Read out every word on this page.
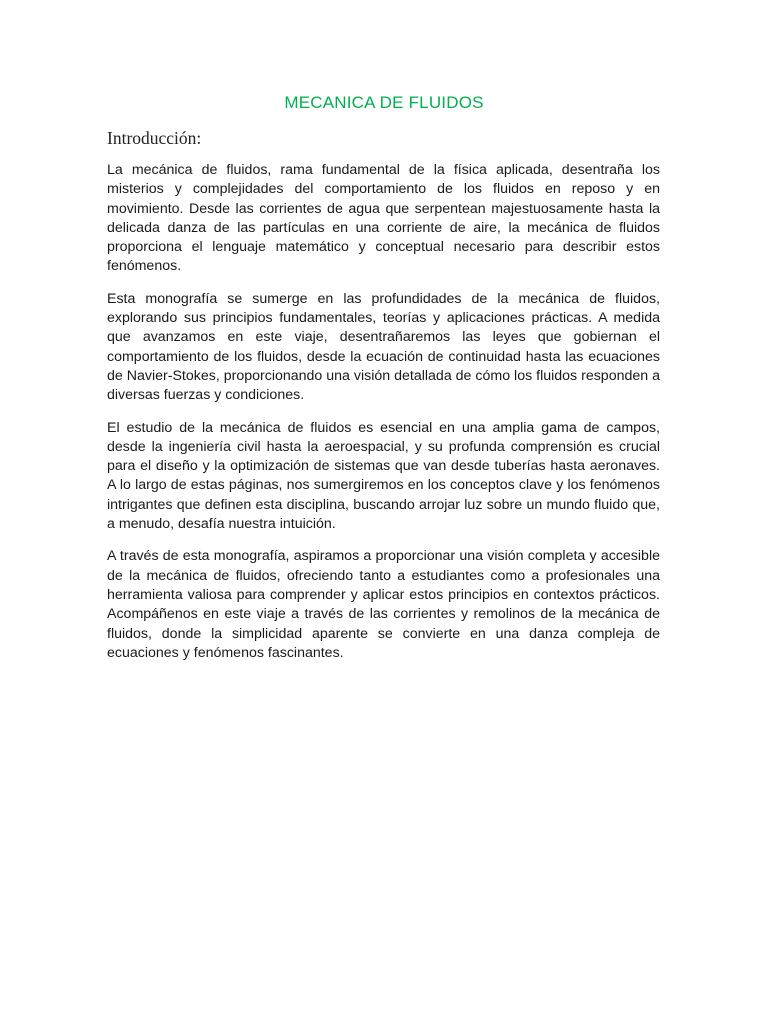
MECANICA DE FLUIDOS
Introducción:

La mecánica de fluidos, rama fundamental de la física aplicada, desentraña los misterios y complejidades del comportamiento de los fluidos en reposo y en movimiento. Desde las corrientes de agua que serpentean majestuosamente hasta la delicada danza de las partículas en una corriente de aire, la mecánica de fluidos proporciona el lenguaje matemático y conceptual necesario para describir estos fenómenos.

Esta monografía se sumerge en las profundidades de la mecánica de fluidos, explorando sus principios fundamentales, teorías y aplicaciones prácticas. A medida que avanzamos en este viaje, desentrañaremos las leyes que gobiernan el comportamiento de los fluidos, desde la ecuación de continuidad hasta las ecuaciones de Navier-Stokes, proporcionando una visión detallada de cómo los fluidos responden a diversas fuerzas y condiciones.

El estudio de la mecánica de fluidos es esencial en una amplia gama de campos, desde la ingeniería civil hasta la aeroespacial, y su profunda comprensión es crucial para el diseño y la optimización de sistemas que van desde tuberías hasta aeronaves. A lo largo de estas páginas, nos sumergiremos en los conceptos clave y los fenómenos intrigantes que definen esta disciplina, buscando arrojar luz sobre un mundo fluido que, a menudo, desafía nuestra intuición.

A través de esta monografía, aspiramos a proporcionar una visión completa y accesible de la mecánica de fluidos, ofreciendo tanto a estudiantes como a profesionales una herramienta valiosa para comprender y aplicar estos principios en contextos prácticos. Acompáñenos en este viaje a través de las corrientes y remolinos de la mecánica de fluidos, donde la simplicidad aparente se convierte en una danza compleja de ecuaciones y fenómenos fascinantes.
